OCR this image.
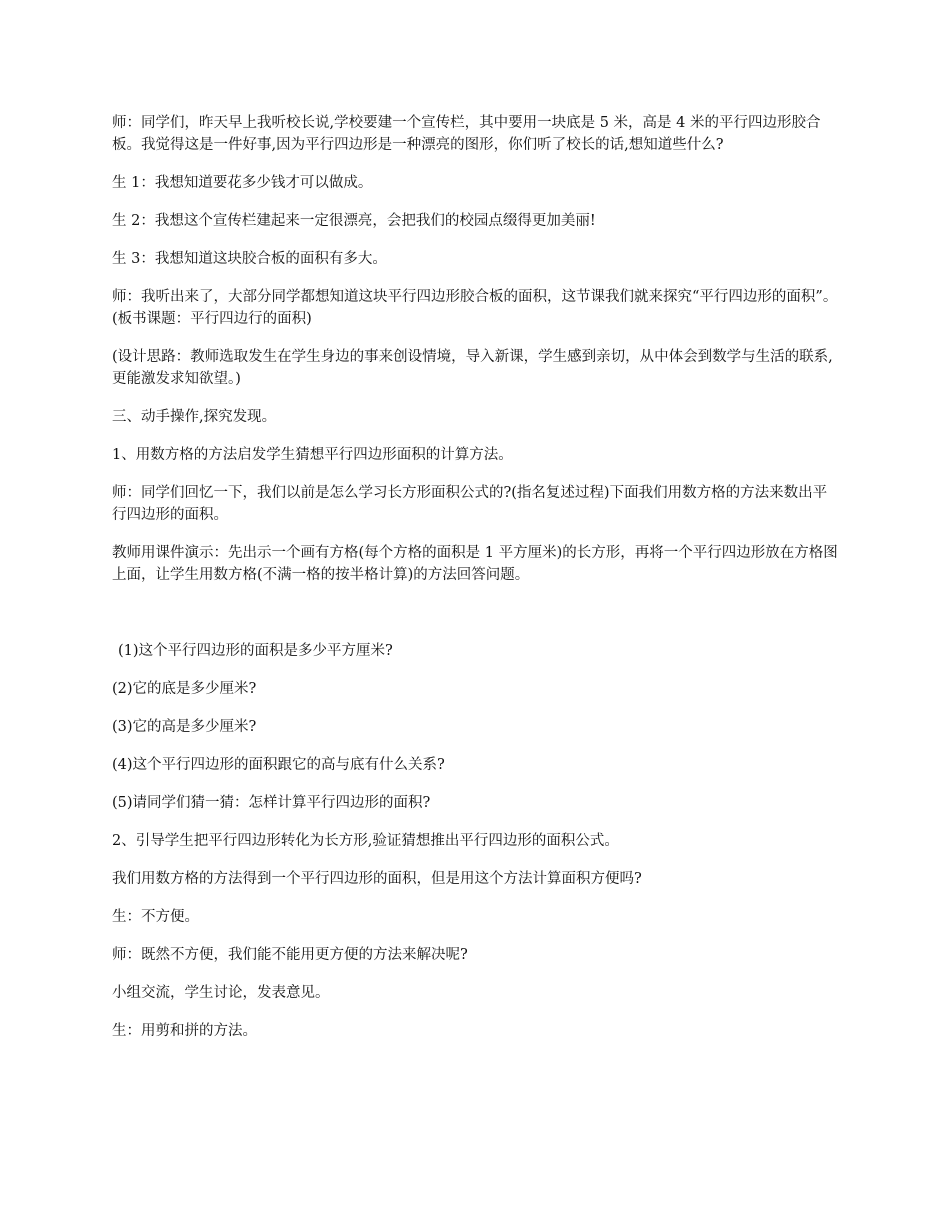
师：同学们，昨天早上我听校长说,学校要建一个宣传栏，其中要用一块底是 5 米，高是 4 米的平行四边形胶合板。我觉得这是一件好事,因为平行四边形是一种漂亮的图形，你们听了校长的话,想知道些什么?

生 1：我想知道要花多少钱才可以做成。

生 2：我想这个宣传栏建起来一定很漂亮，会把我们的校园点缀得更加美丽!

生 3：我想知道这块胶合板的面积有多大。

师：我听出来了，大部分同学都想知道这块平行四边形胶合板的面积，这节课我们就来探究“平行四边形的面积”。(板书课题：平行四边行的面积)

(设计思路：教师选取发生在学生身边的事来创设情境，导入新课，学生感到亲切，从中体会到数学与生活的联系,更能激发求知欲望。)

三、动手操作,探究发现。

1、用数方格的方法启发学生猜想平行四边形面积的计算方法。

师：同学们回忆一下，我们以前是怎么学习长方形面积公式的?(指名复述过程)下面我们用数方格的方法来数出平行四边形的面积。

教师用课件演示：先出示一个画有方格(每个方格的面积是 1 平方厘米)的长方形，再将一个平行四边形放在方格图上面，让学生用数方格(不满一格的按半格计算)的方法回答问题。

(1)这个平行四边形的面积是多少平方厘米?

(2)它的底是多少厘米?

(3)它的高是多少厘米?

(4)这个平行四边形的面积跟它的高与底有什么关系?

(5)请同学们猜一猜：怎样计算平行四边形的面积?

2、引导学生把平行四边形转化为长方形,验证猜想推出平行四边形的面积公式。

我们用数方格的方法得到一个平行四边形的面积，但是用这个方法计算面积方便吗?

生：不方便。

师：既然不方便，我们能不能用更方便的方法来解决呢?

小组交流，学生讨论，发表意见。

生：用剪和拼的方法。
